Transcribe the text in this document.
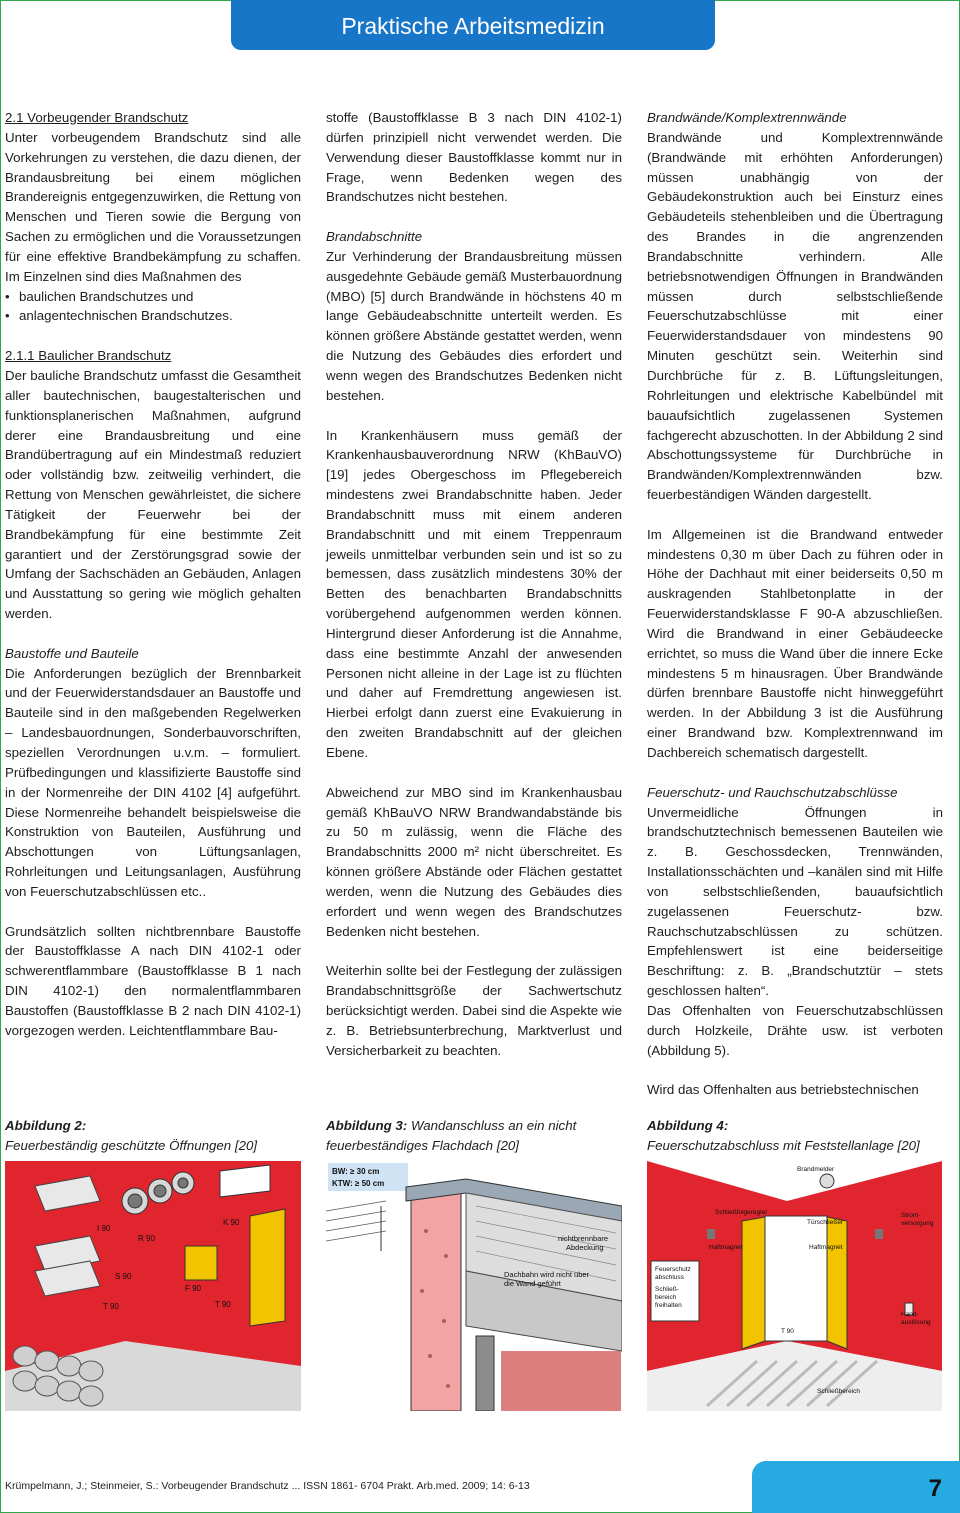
Praktische Arbeitsmedizin

2.1 Vorbeugender Brandschutz

Unter vorbeugendem Brandschutz sind alle Vorkehrungen zu verstehen, die dazu dienen, der Brandausbreitung bei einem möglichen Brandereignis entgegenzuwirken, die Rettung von Menschen und Tieren sowie die Bergung von Sachen zu ermöglichen und die Voraussetzungen für eine effektive Brandbekämpfung zu schaffen. Im Einzelnen sind dies Maßnahmen des

• baulichen Brandschutzes und
• anlagentechnischen Brandschutzes.

2.1.1 Baulicher Brandschutz

Der bauliche Brandschutz umfasst die Gesamtheit aller bautechnischen, baugestalterischen und funktionsplanerischen Maßnahmen, aufgrund derer eine Brandausbreitung und eine Brandübertragung auf ein Mindestmaß reduziert oder vollständig bzw. zeitweilig verhindert, die Rettung von Menschen gewährleistet, die sichere Tätigkeit der Feuerwehr bei der Brandbekämpfung für eine bestimmte Zeit garantiert und der Zerstörungsgrad sowie der Umfang der Sachschäden an Gebäuden, Anlagen und Ausstattung so gering wie möglich gehalten werden.

Baustoffe und Bauteile

Die Anforderungen bezüglich der Brennbarkeit und der Feuerwiderstandsdauer an Baustoffe und Bauteile sind in den maßgebenden Regelwerken – Landesbauordnungen, Sonderbauvorschriften, speziellen Verordnungen u.v.m. – formuliert. Prüfbedingungen und klassifizierte Baustoffe sind in der Normenreihe der DIN 4102 [4] aufgeführt. Diese Normenreihe behandelt beispielsweise die Konstruktion von Bauteilen, Ausführung und Abschottungen von Lüftungsanlagen, Rohrleitungen und Leitungsanlagen, Ausführung von Feuerschutzabschlüssen etc..

Grundsätzlich sollten nichtbrennbare Baustoffe der Baustoffklasse A nach DIN 4102-1 oder schwerentflammbare (Baustoffklasse B 1 nach DIN 4102-1) den normalentflammbaren Baustoffen (Baustoffklasse B 2 nach DIN 4102-1) vorgezogen werden. Leichtentflammbare Bau-

stoffe (Baustoffklasse B 3 nach DIN 4102-1) dürfen prinzipiell nicht verwendet werden. Die Verwendung dieser Baustoffklasse kommt nur in Frage, wenn Bedenken wegen des Brandschutzes nicht bestehen.

Brandabschnitte

Zur Verhinderung der Brandausbreitung müssen ausgedehnte Gebäude gemäß Musterbauordnung (MBO) [5] durch Brandwände in höchstens 40 m lange Gebäudeabschnitte unterteilt werden. Es können größere Abstände gestattet werden, wenn die Nutzung des Gebäudes dies erfordert und wenn wegen des Brandschutzes Bedenken nicht bestehen.

In Krankenhäusern muss gemäß der Krankenhausbauverordnung NRW (KhBauVO) [19] jedes Obergeschoss im Pflegebereich mindestens zwei Brandabschnitte haben. Jeder Brandabschnitt muss mit einem anderen Brandabschnitt und mit einem Treppenraum jeweils unmittelbar verbunden sein und ist so zu bemessen, dass zusätzlich mindestens 30% der Betten des benachbarten Brandabschnitts vorübergehend aufgenommen werden können. Hintergrund dieser Anforderung ist die Annahme, dass eine bestimmte Anzahl der anwesenden Personen nicht alleine in der Lage ist zu flüchten und daher auf Fremdrettung angewiesen ist. Hierbei erfolgt dann zuerst eine Evakuierung in den zweiten Brandabschnitt auf der gleichen Ebene.

Abweichend zur MBO sind im Krankenhausbau gemäß KhBauVO NRW Brandwandabstände bis zu 50 m zulässig, wenn die Fläche des Brandabschnitts 2000 m² nicht überschreitet. Es können größere Abstände oder Flächen gestattet werden, wenn die Nutzung des Gebäudes dies erfordert und wenn wegen des Brandschutzes Bedenken nicht bestehen.

Weiterhin sollte bei der Festlegung der zulässigen Brandabschnittsgröße der Sachwertschutz berücksichtigt werden. Dabei sind die Aspekte wie z. B. Betriebsunterbrechung, Marktverlust und Versicherbarkeit zu beachten.

Brandwände/Komplextrennwände

Brandwände und Komplextrennwände (Brandwände mit erhöhten Anforderungen) müssen unabhängig von der Gebäudekonstruktion auch bei Einsturz eines Gebäudeteils stehenbleiben und die Übertragung des Brandes in die angrenzenden Brandabschnitte verhindern. Alle betriebsnotwendigen Öffnungen in Brandwänden müssen durch selbstschließende Feuerschutzabschlüsse mit einer Feuerwiderstandsdauer von mindestens 90 Minuten geschützt sein. Weiterhin sind Durchbrüche für z. B. Lüftungsleitungen, Rohrleitungen und elektrische Kabelbündel mit bauaufsichtlich zugelassenen Systemen fachgerecht abzuschotten. In der Abbildung 2 sind Abschottungssysteme für Durchbrüche in Brandwänden/Komplextrennwänden bzw. feuerbeständigen Wänden dargestellt.

Im Allgemeinen ist die Brandwand entweder mindestens 0,30 m über Dach zu führen oder in Höhe der Dachhaut mit einer beiderseits 0,50 m auskragenden Stahlbetonplatte in der Feuerwiderstandsklasse F 90-A abzuschließen. Wird die Brandwand in einer Gebäudeecke errichtet, so muss die Wand über die innere Ecke mindestens 5 m hinausragen. Über Brandwände dürfen brennbare Baustoffe nicht hinweggeführt werden. In der Abbildung 3 ist die Ausführung einer Brandwand bzw. Komplextrennwand im Dachbereich schematisch dargestellt.

Feuerschutz- und Rauchschutzabschlüsse

Unvermeidliche Öffnungen in brandschutztechnisch bemessenen Bauteilen wie z. B. Geschossdecken, Trennwänden, Installationsschächten und –kanälen sind mit Hilfe von selbstschließenden, bauaufsichtlich zugelassenen Feuerschutz- bzw. Rauchschutzabschlüssen zu schützen. Empfehlenswert ist eine beiderseitige Beschriftung: z. B. „Brandschutztür – stets geschlossen halten“.

Das Offenhalten von Feuerschutzabschlüssen durch Holzkeile, Drähte usw. ist verboten (Abbildung 5).

Wird das Offenhalten aus betriebstechnischen

Abbildung 2:
Feuerbeständig geschützte Öffnungen [20]
Abbildung 3: Wandanschluss an ein nicht
feuerbeständiges Flachdach [20]
Abbildung 4:
Feuerschutzabschluss mit Feststellanlage [20]
I 90
R 90
K 90
S 90
F 90
T 90	T 90
BW: ≥ 30 cm
KTW: ≥ 50 cm
nichtbrennbare
Abdeckung
Dachbahn wird nicht über
die Wand geführt
Brandmelder
Schließfolgeregler
Türschließer
Strom-
versorgung
Haftmagnet	Haftmagnet
Feuerschutz
abschluss
Schließ-
bereich
freihalten
Hand-
auslösung
T 90
Schließbereich
Krümpelmann, J.; Steinmeier, S.: Vorbeugender Brandschutz ... ISSN 1861- 6704 Prakt. Arb.med. 2009; 14: 6-13	7
